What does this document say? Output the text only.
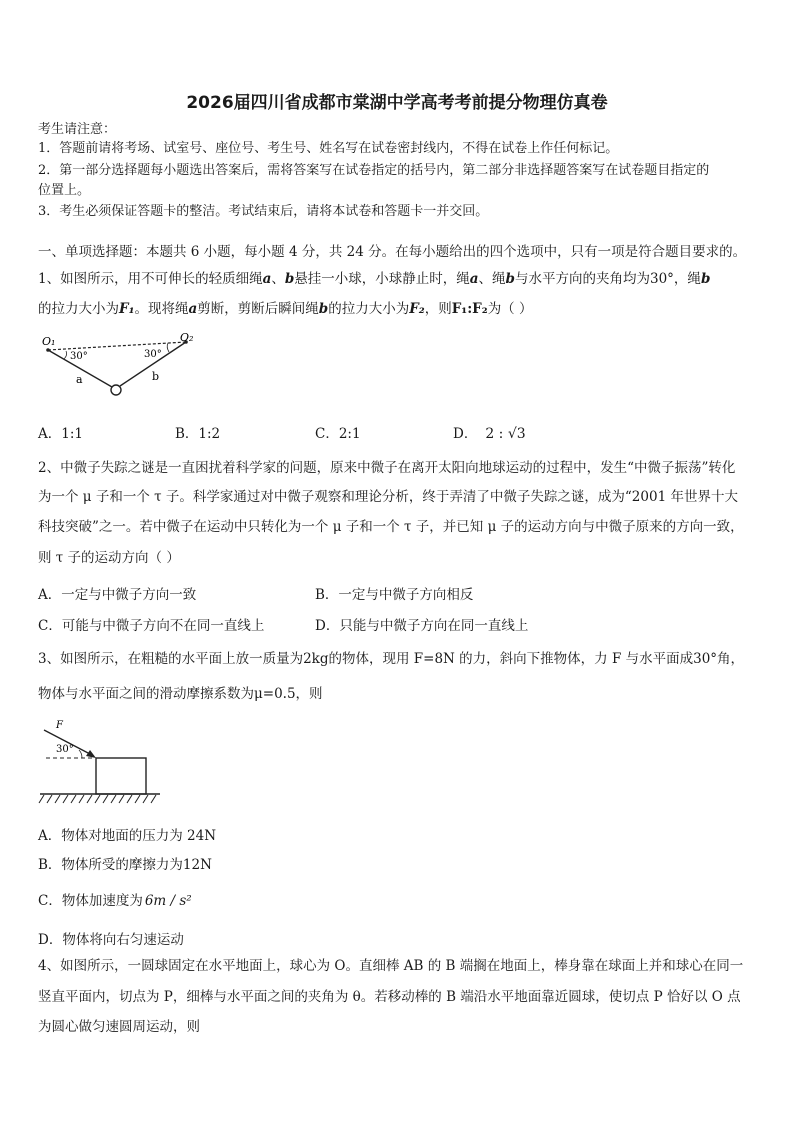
2026届四川省成都市棠湖中学高考考前提分物理仿真卷
考生请注意：
1．答题前请将考场、试室号、座位号、考生号、姓名写在试卷密封线内，不得在试卷上作任何标记。
2．第一部分选择题每小题选出答案后，需将答案写在试卷指定的括号内，第二部分非选择题答案写在试卷题目指定的
位置上。
3．考生必须保证答题卡的整洁。考试结束后，请将本试卷和答题卡一并交回。
一、单项选择题：本题共 6 小题，每小题 4 分，共 24 分。在每小题给出的四个选项中，只有一项是符合题目要求的。
1、如图所示，用不可伸长的轻质细绳a、b悬挂一小球，小球静止时，绳a、绳b与水平方向的夹角均为30°，绳b
的拉力大小为F₁。现将绳a剪断，剪断后瞬间绳b的拉力大小为F₂，则F₁:F₂为（ ）
O₁	O₂
30°	30°
a	b
A．1:1	B．1:2	C．2:1	D． 2 : √3
2、中微子失踪之谜是一直困扰着科学家的问题，原来中微子在离开太阳向地球运动的过程中，发生“中微子振荡”转化
为一个 μ 子和一个 τ 子。科学家通过对中微子观察和理论分析，终于弄清了中微子失踪之谜，成为“2001 年世界十大
科技突破”之一。若中微子在运动中只转化为一个 μ 子和一个 τ 子，并已知 μ 子的运动方向与中微子原来的方向一致，
则 τ 子的运动方向（ ）
A．一定与中微子方向一致	B．一定与中微子方向相反
C．可能与中微子方向不在同一直线上	D．只能与中微子方向在同一直线上
3、如图所示，在粗糙的水平面上放一质量为2kg的物体，现用 F=8N 的力，斜向下推物体，力 F 与水平面成30°角，
物体与水平面之间的滑动摩擦系数为μ=0.5，则
F
30°
A．物体对地面的压力为 24N
B．物体所受的摩擦力为12N
C．物体加速度为 6m / s²
D．物体将向右匀速运动
4、如图所示，一圆球固定在水平地面上，球心为 O。直细棒 AB 的 B 端搁在地面上，棒身靠在球面上并和球心在同一
竖直平面内，切点为 P，细棒与水平面之间的夹角为 θ。若移动棒的 B 端沿水平地面靠近圆球，使切点 P 恰好以 O 点
为圆心做匀速圆周运动，则
